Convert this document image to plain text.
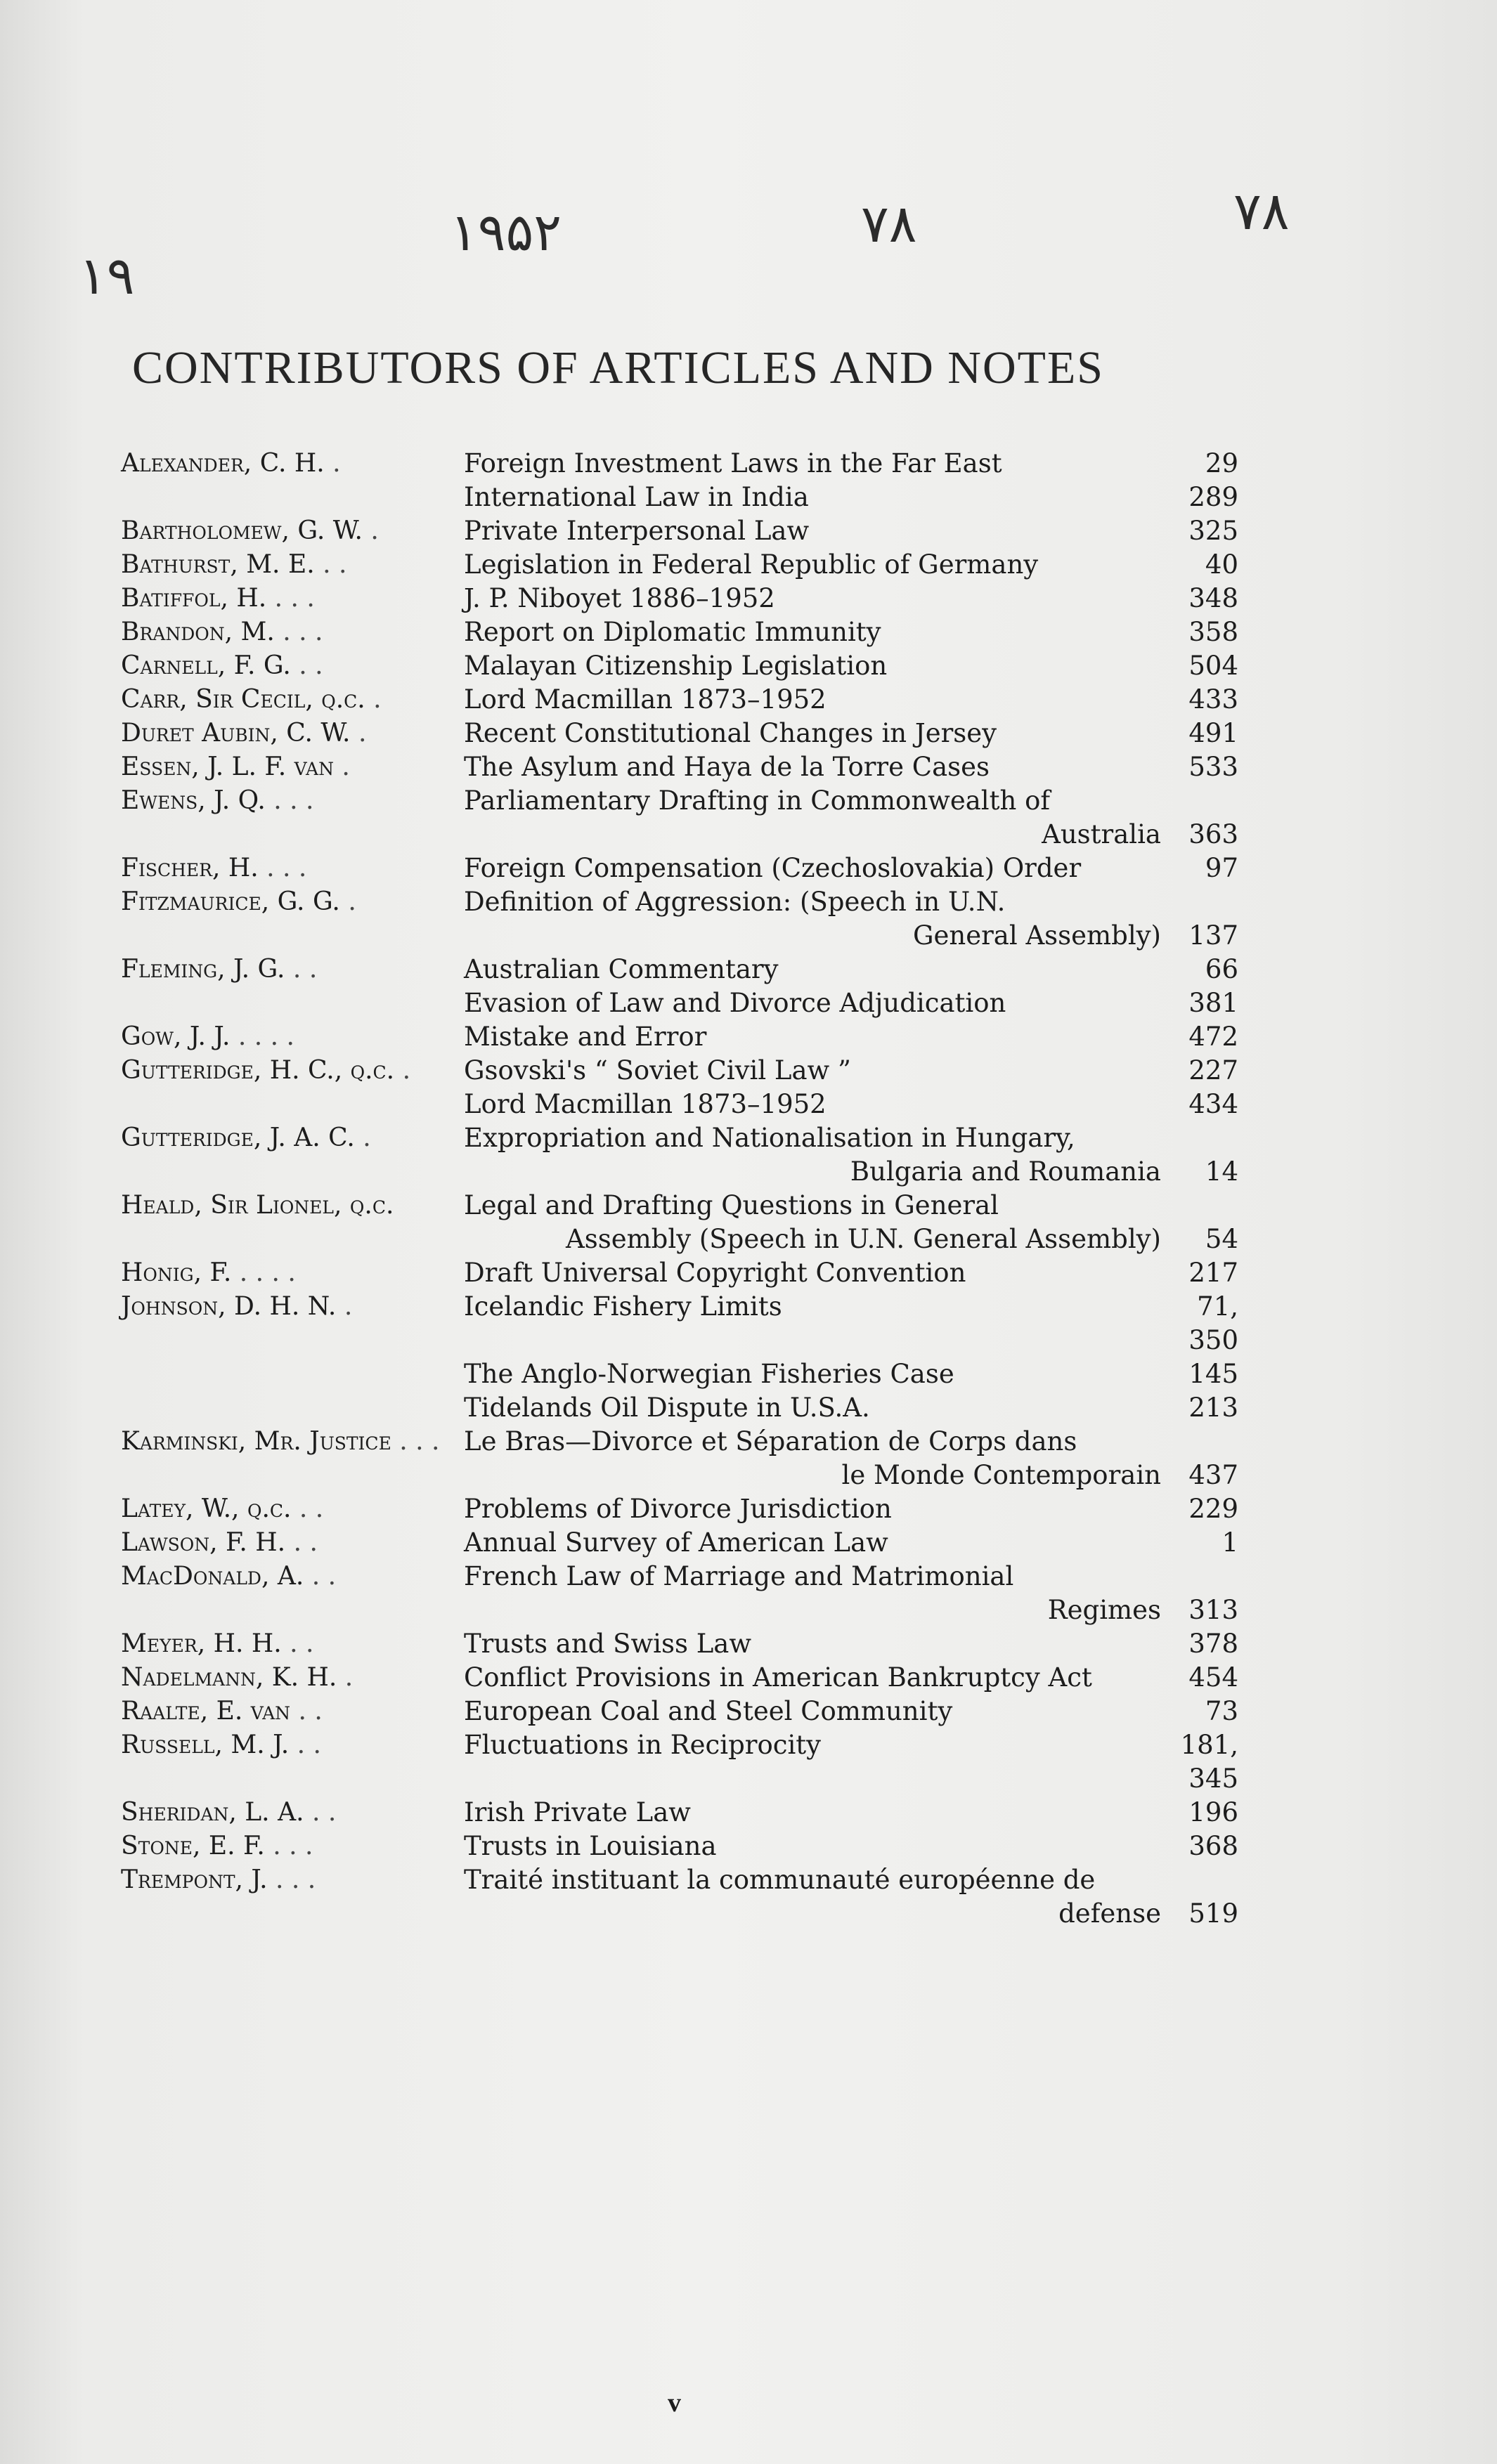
۱۹
۱۹۵۲	۷۸	۷۸
CONTRIBUTORS OF ARTICLES AND NOTES
Alexander, C. H. .	Foreign Investment Laws in the Far East	29
International Law in India	289
Bartholomew, G. W. .	Private Interpersonal Law	325
Bathurst, M. E. . .	Legislation in Federal Republic of Germany	40
Batiffol, H. . . .	J. P. Niboyet 1886–1952	348
Brandon, M. . . .	Report on Diplomatic Immunity	358
Carnell, F. G. . .	Malayan Citizenship Legislation	504
Carr, Sir Cecil, q.c. .	Lord Macmillan 1873–1952	433
Duret Aubin, C. W. .	Recent Constitutional Changes in Jersey	491
Essen, J. L. F. van .	The Asylum and Haya de la Torre Cases	533
Ewens, J. Q. . . .	Parliamentary Drafting in Commonwealth of
Australia	363
Fischer, H. . . .	Foreign Compensation (Czechoslovakia) Order	97
Fitzmaurice, G. G. .	Definition of Aggression: (Speech in U.N.
General Assembly)	137
Fleming, J. G. . .	Australian Commentary	66
Evasion of Law and Divorce Adjudication	381
Gow, J. J. . . . .	Mistake and Error	472
Gutteridge, H. C., q.c. .	Gsovski's “ Soviet Civil Law ”	227
Lord Macmillan 1873–1952	434
Gutteridge, J. A. C. .	Expropriation and Nationalisation in Hungary,
Bulgaria and Roumania	14
Heald, Sir Lionel, q.c.	Legal and Drafting Questions in General
Assembly (Speech in U.N. General Assembly)	54
Honig, F. . . . .	Draft Universal Copyright Convention	217
Johnson, D. H. N. .	Icelandic Fishery Limits	71, 350
The Anglo-Norwegian Fisheries Case	145
Tidelands Oil Dispute in U.S.A.	213
Karminski, Mr. Justice . . . Le Bras—Divorce et Séparation de Corps dans
le Monde Contemporain	437
Latey, W., q.c. . .	Problems of Divorce Jurisdiction	229
Lawson, F. H. . .	Annual Survey of American Law	1
MacDonald, A. . .	French Law of Marriage and Matrimonial
Regimes	313
Meyer, H. H. . .	Trusts and Swiss Law	378
Nadelmann, K. H. .	Conflict Provisions in American Bankruptcy Act	454
Raalte, E. van . .	European Coal and Steel Community	73
Russell, M. J. . .	Fluctuations in Reciprocity	181, 345
Sheridan, L. A. . .	Irish Private Law	196
Stone, E. F. . . .	Trusts in Louisiana	368
Trempont, J. . . .	Traité instituant la communauté européenne de
defense	519
v
